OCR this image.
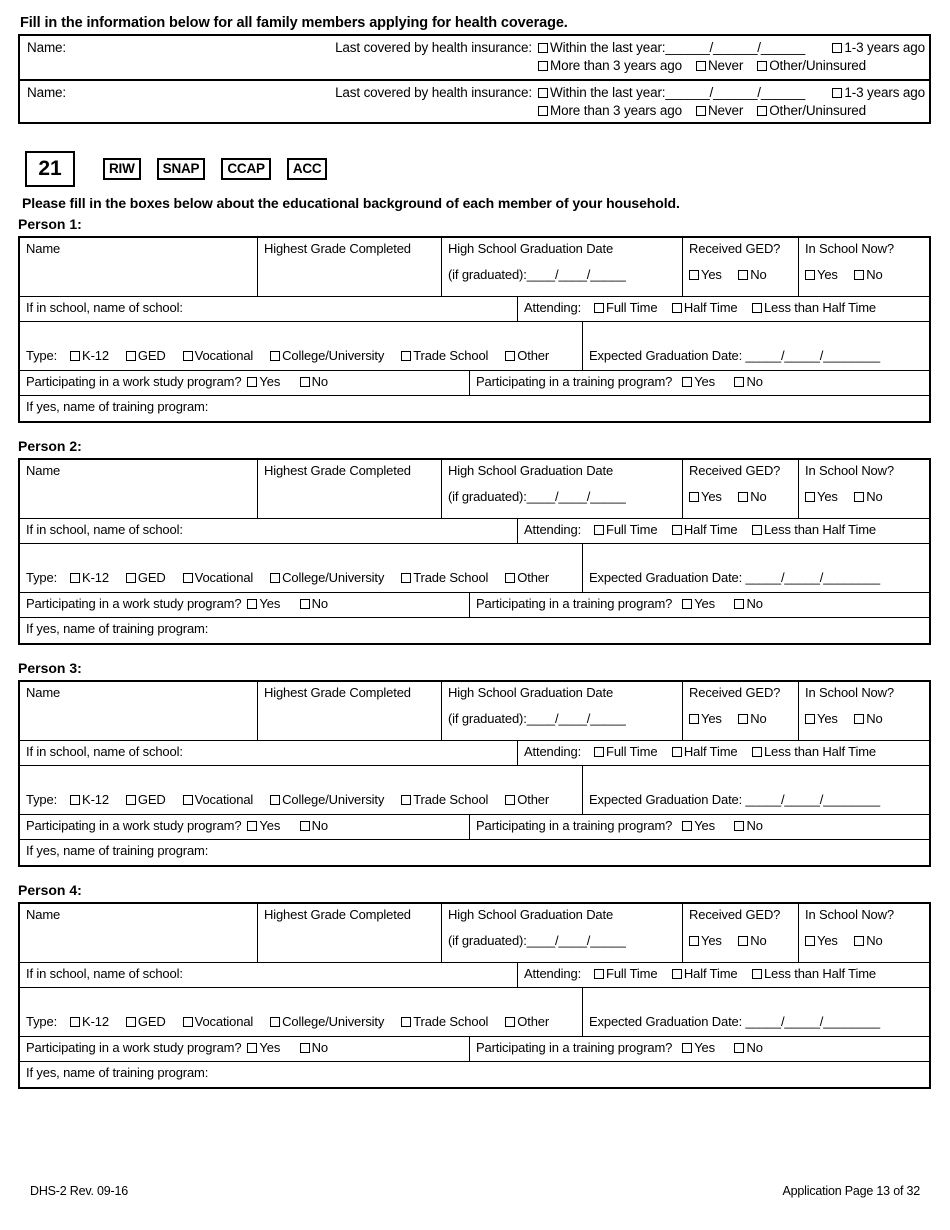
Fill in the information below for all family members applying for health coverage.
Name:	Last covered by health insurance:	Within the last year: ______/______/______	1-3 years ago
More than 3 years ago	Never	Other/Uninsured
Name:	Last covered by health insurance:	Within the last year: ______/______/______	1-3 years ago
More than 3 years ago	Never	Other/Uninsured
21	RIW	SNAP	CCAP	ACC
Please fill in the boxes below about the educational background of each member of your household.
Person 1:
Name	Highest Grade Completed	High School Graduation Date
(if graduated):____/____/_____
Received GED?
Yes No
In School Now?
Yes No
If in school, name of school:	Attending: Full Time Half Time Less than Half Time
Type:	K-12	GED	Vocational	College/University	Trade School	Other	Expected Graduation Date:
_____/_____/________
Participating in a work study program? Yes No	Participating in a training program? Yes No
If yes, name of training program:
Person 2:
Name	Highest Grade Completed	High School Graduation Date
(if graduated):____/____/_____
Received GED?
Yes No
In School Now?
Yes No
If in school, name of school:	Attending: Full Time Half Time Less than Half Time
Type:	K-12	GED	Vocational	College/University	Trade School	Other	Expected Graduation Date:
_____/_____/________
Participating in a work study program? Yes No	Participating in a training program? Yes No
If yes, name of training program:
Person 3:
Name	Highest Grade Completed	High School Graduation Date
(if graduated):____/____/_____
Received GED?
Yes No
In School Now?
Yes No
If in school, name of school:	Attending: Full Time Half Time Less than Half Time
Type:	K-12	GED	Vocational	College/University	Trade School	Other	Expected Graduation Date:
_____/_____/________
Participating in a work study program? Yes No	Participating in a training program? Yes No
If yes, name of training program:
Person 4:
Name	Highest Grade Completed	High School Graduation Date
(if graduated):____/____/_____
Received GED?
Yes No
In School Now?
Yes No
If in school, name of school:	Attending: Full Time Half Time Less than Half Time
Type:	K-12	GED	Vocational	College/University	Trade School	Other	Expected Graduation Date:
_____/_____/________
Participating in a work study program? Yes No	Participating in a training program? Yes No
If yes, name of training program:
DHS-2 Rev. 09-16	Application Page 13 of 32
